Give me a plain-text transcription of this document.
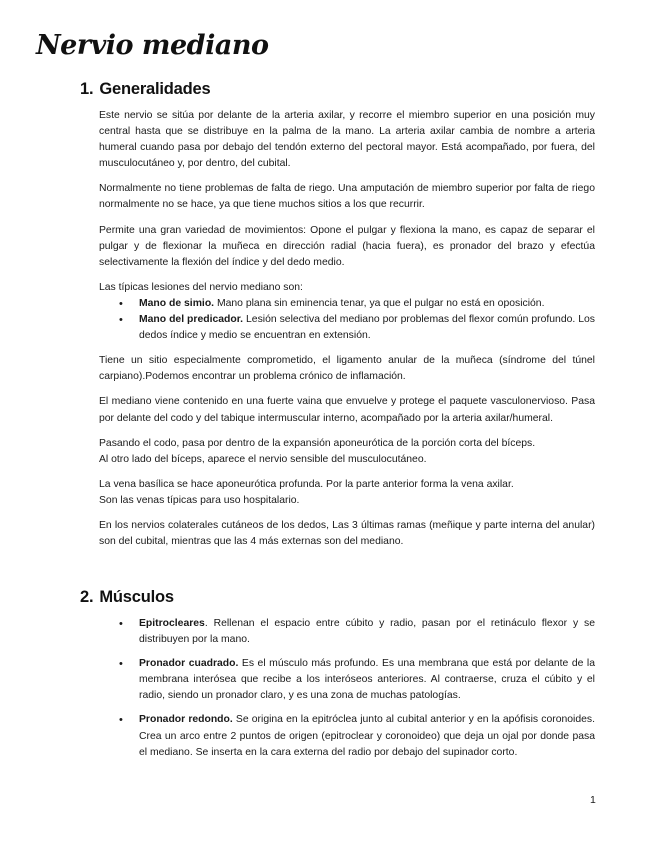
Nervio mediano
1. Generalidades

Este nervio se sitúa por delante de la arteria axilar, y recorre el miembro superior en una posición muy central hasta que se distribuye en la palma de la mano. La arteria axilar cambia de nombre a arteria humeral cuando pasa por debajo del tendón externo del pectoral mayor. Está acompañado, por fuera, del musculocutáneo y, por dentro, del cubital.

Normalmente no tiene problemas de falta de riego. Una amputación de miembro superior por falta de riego normalmente no se hace, ya que tiene muchos sitios a los que recurrir.

Permite una gran variedad de movimientos: Opone el pulgar y flexiona la mano, es capaz de separar el pulgar y de flexionar la muñeca en dirección radial (hacia fuera), es pronador del brazo y efectúa selectivamente la flexión del índice y del dedo medio.

Las típicas lesiones del nervio mediano son:

• Mano de simio. Mano plana sin eminencia tenar, ya que el pulgar no está en oposición.
• Mano del predicador. Lesión selectiva del mediano por problemas del flexor común profundo. Los dedos índice y medio se encuentran en extensión.

Tiene un sitio especialmente comprometido, el ligamento anular de la muñeca (síndrome del túnel carpiano).Podemos encontrar un problema crónico de inflamación.

El mediano viene contenido en una fuerte vaina que envuelve y protege el paquete vasculonervioso. Pasa por delante del codo y del tabique intermuscular interno, acompañado por la arteria axilar/humeral.

Pasando el codo, pasa por dentro de la expansión aponeurótica de la porción corta del bíceps.
Al otro lado del bíceps, aparece el nervio sensible del musculocutáneo.

La vena basílica se hace aponeurótica profunda. Por la parte anterior forma la vena axilar.
Son las venas típicas para uso hospitalario.

En los nervios colaterales cutáneos de los dedos, Las 3 últimas ramas (meñique y parte interna del anular) son del cubital, mientras que las 4 más externas son del mediano.

2. Músculos
• Epitrocleares. Rellenan el espacio entre cúbito y radio, pasan por el retináculo flexor y se distribuyen por la mano.
• Pronador cuadrado. Es el músculo más profundo. Es una membrana que está por delante de la membrana interósea que recibe a los interóseos anteriores. Al contraerse, cruza el cúbito y el radio, siendo un pronador claro, y es una zona de muchas patologías.
• Pronador redondo. Se origina en la epitróclea junto al cubital anterior y en la apófisis coronoides. Crea un arco entre 2 puntos de origen (epitroclear y coronoideo) que deja un ojal por donde pasa el mediano. Se inserta en la cara externa del radio por debajo del supinador corto.
1
